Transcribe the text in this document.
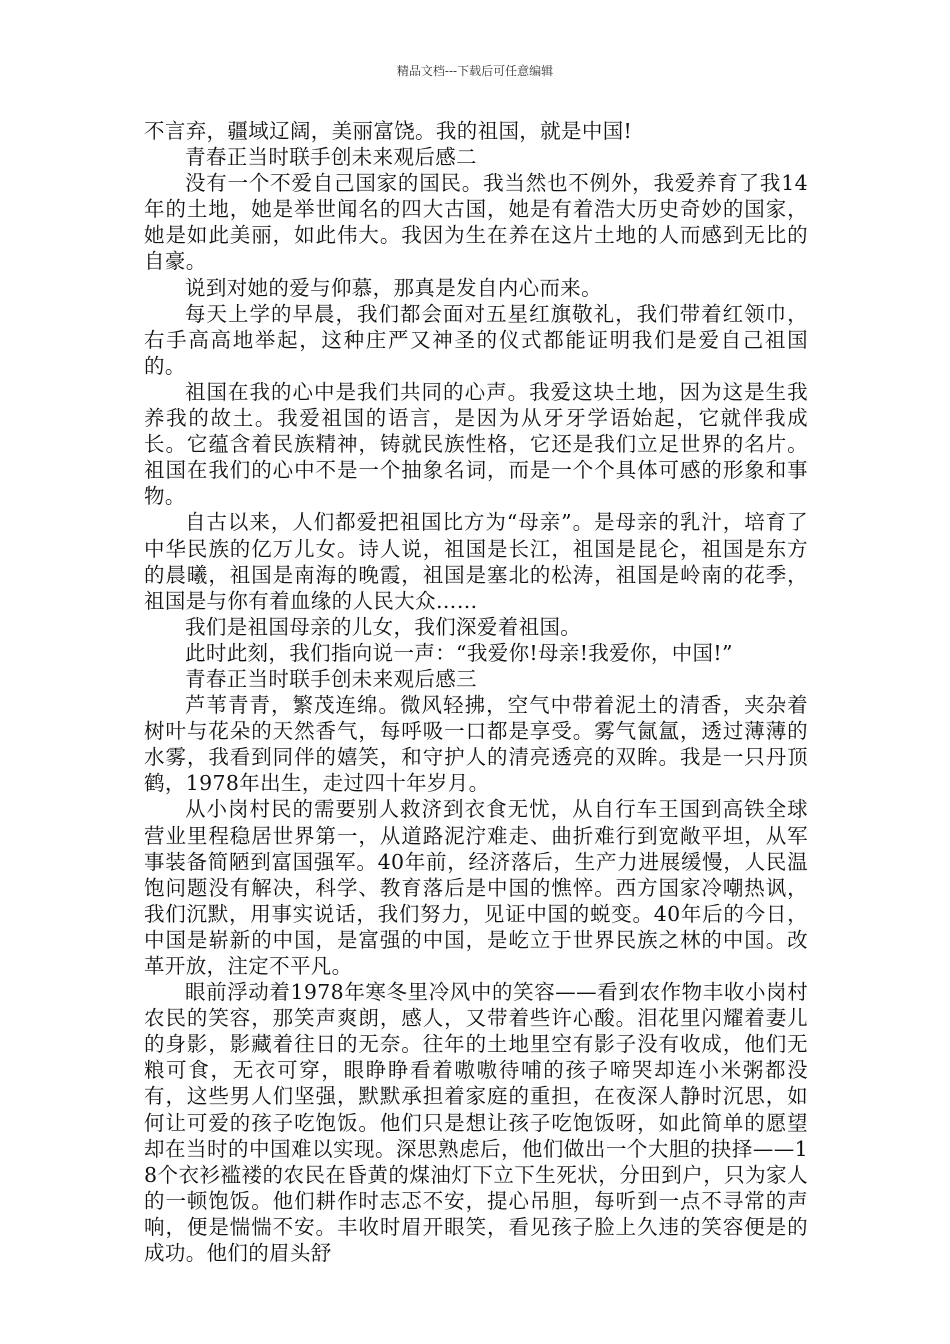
精品文档---下载后可任意编辑

不言弃，疆域辽阔，美丽富饶。我的祖国，就是中国!

青春正当时联手创未来观后感二

没有一个不爱自己国家的国民。我当然也不例外，我爱养育了我14年的土地，她是举世闻名的四大古国，她是有着浩大历史奇妙的国家，她是如此美丽，如此伟大。我因为生在养在这片土地的人而感到无比的自豪。

说到对她的爱与仰慕，那真是发自内心而来。

每天上学的早晨，我们都会面对五星红旗敬礼，我们带着红领巾，右手高高地举起，这种庄严又神圣的仪式都能证明我们是爱自己祖国的。

祖国在我的心中是我们共同的心声。我爱这块土地，因为这是生我养我的故土。我爱祖国的语言，是因为从牙牙学语始起，它就伴我成长。它蕴含着民族精神，铸就民族性格，它还是我们立足世界的名片。祖国在我们的心中不是一个抽象名词，而是一个个具体可感的形象和事物。

自古以来，人们都爱把祖国比方为“母亲”。是母亲的乳汁，培育了中华民族的亿万儿女。诗人说，祖国是长江，祖国是昆仑，祖国是东方的晨曦，祖国是南海的晚霞，祖国是塞北的松涛，祖国是岭南的花季，祖国是与你有着血缘的人民大众……

我们是祖国母亲的儿女，我们深爱着祖国。

此时此刻，我们指向说一声：“我爱你!母亲!我爱你，中国!”

青春正当时联手创未来观后感三

芦苇青青，繁茂连绵。微风轻拂，空气中带着泥土的清香，夹杂着树叶与花朵的天然香气，每呼吸一口都是享受。雾气氤氲，透过薄薄的水雾，我看到同伴的嬉笑，和守护人的清亮透亮的双眸。我是一只丹顶鹤，1978年出生，走过四十年岁月。

从小岗村民的需要别人救济到衣食无忧，从自行车王国到高铁全球营业里程稳居世界第一，从道路泥泞难走、曲折难行到宽敞平坦，从军事装备简陋到富国强军。40年前，经济落后，生产力进展缓慢，人民温饱问题没有解决，科学、教育落后是中国的憔悴。西方国家冷嘲热讽，我们沉默，用事实说话，我们努力，见证中国的蜕变。40年后的今日，中国是崭新的中国，是富强的中国，是屹立于世界民族之林的中国。改革开放，注定不平凡。

眼前浮动着1978年寒冬里冷风中的笑容——看到农作物丰收小岗村农民的笑容，那笑声爽朗，感人，又带着些许心酸。泪花里闪耀着妻儿的身影，影藏着往日的无奈。往年的土地里空有影子没有收成，他们无粮可食，无衣可穿，眼睁睁看着嗷嗷待哺的孩子啼哭却连小米粥都没有，这些男人们坚强，默默承担着家庭的重担，在夜深人静时沉思，如何让可爱的孩子吃饱饭。他们只是想让孩子吃饱饭呀，如此简单的愿望却在当时的中国难以实现。深思熟虑后，他们做出一个大胆的抉择——18个衣衫褴褛的农民在昏黄的煤油灯下立下生死状，分田到户，只为家人的一顿饱饭。他们耕作时志忑不安，提心吊胆，每听到一点不寻常的声响，便是惴惴不安。丰收时眉开眼笑，看见孩子脸上久违的笑容便是的成功。他们的眉头舒
